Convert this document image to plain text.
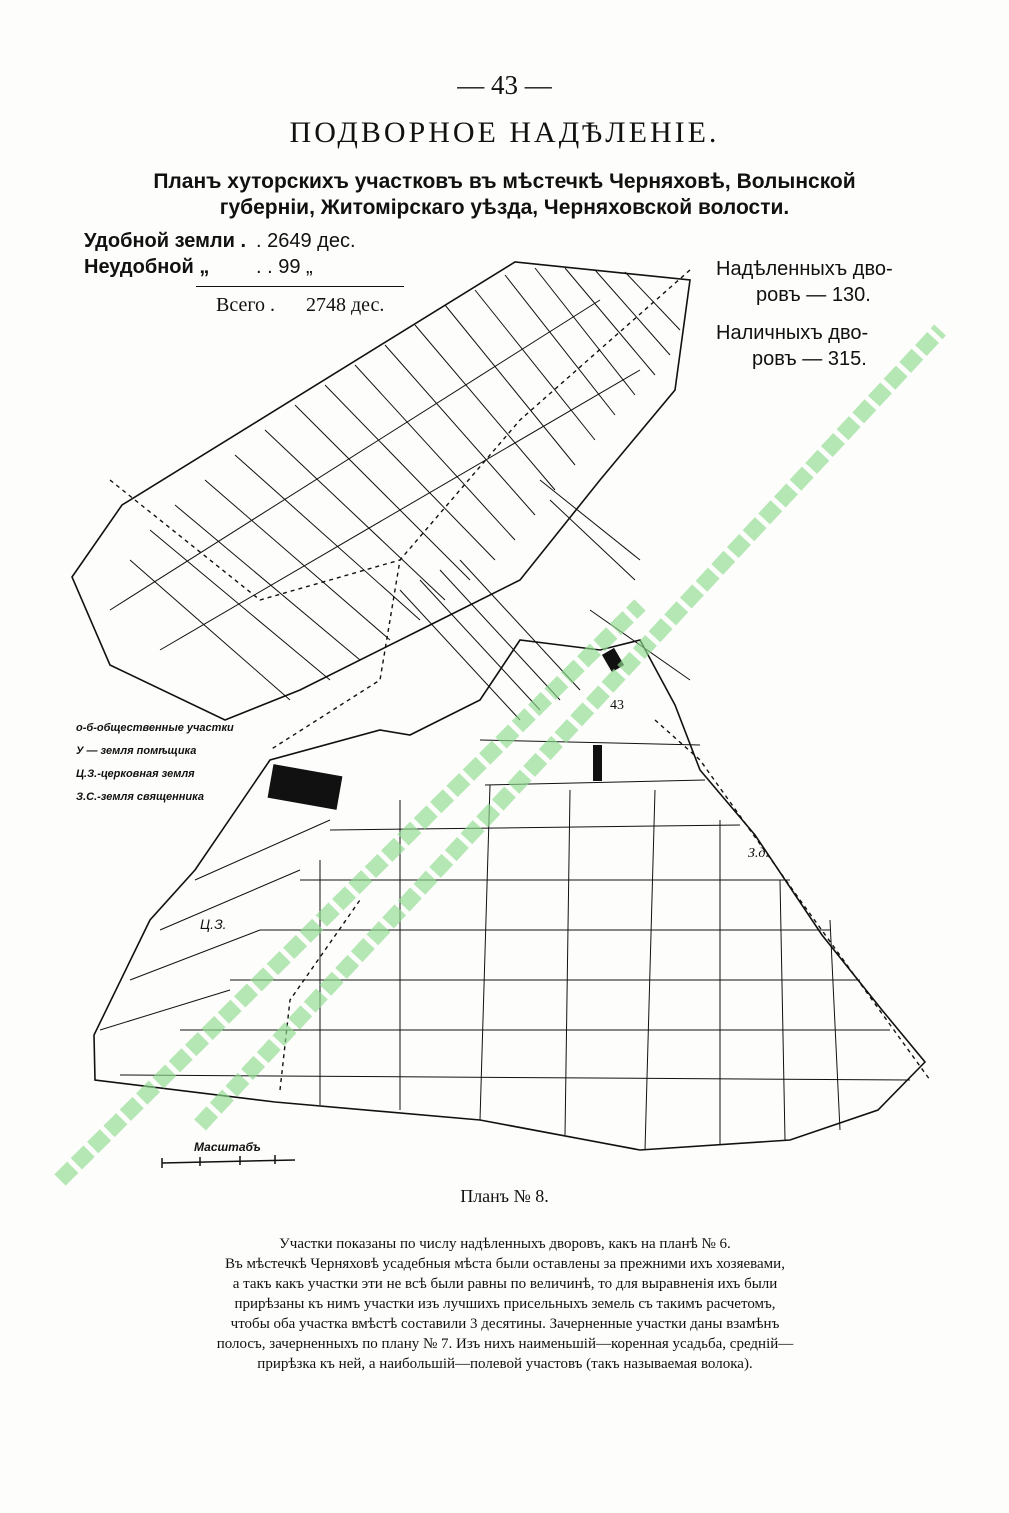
— 43 —
ПОДВОРНОЕ НАДѢЛЕНІЕ.
Планъ хуторскихъ участковъ въ мѣстечкѣ Черняховѣ, Волынской
губерніи, Житомірскаго уѣзда, Черняховской волости.
Удобной земли . . 2649 дес.
Неудобной „ . . 99 „
Всего . 2748 дес.
Надѣленныхъ дво-
ровъ — 130.
Наличныхъ дво-
ровъ — 315.
43
З.д.
Ц.З.
Масштабъ
о-б-общественные участки
У — земля помѣщика
Ц.З.-церковная земля
З.С.-земля священника
Планъ № 8.
Участки показаны по числу надѣленныхъ дворовъ, какъ на планѣ № 6.
Въ мѣстечкѣ Черняховѣ усадебныя мѣста были оставлены за прежними ихъ хозяевами,
а такъ какъ участки эти не всѣ были равны по величинѣ, то для выравненія ихъ были
прирѣзаны къ нимъ участки изъ лучшихъ присельныхъ земель съ такимъ расчетомъ,
чтобы оба участка вмѣстѣ составили 3 десятины. Зачерненные участки даны взамѣнъ
полосъ, зачерненныхъ по плану № 7. Изъ нихъ наименьшій—коренная усадьба, средній—
прирѣзка къ ней, а наибольшій—полевой участовъ (такъ называемая волока).
